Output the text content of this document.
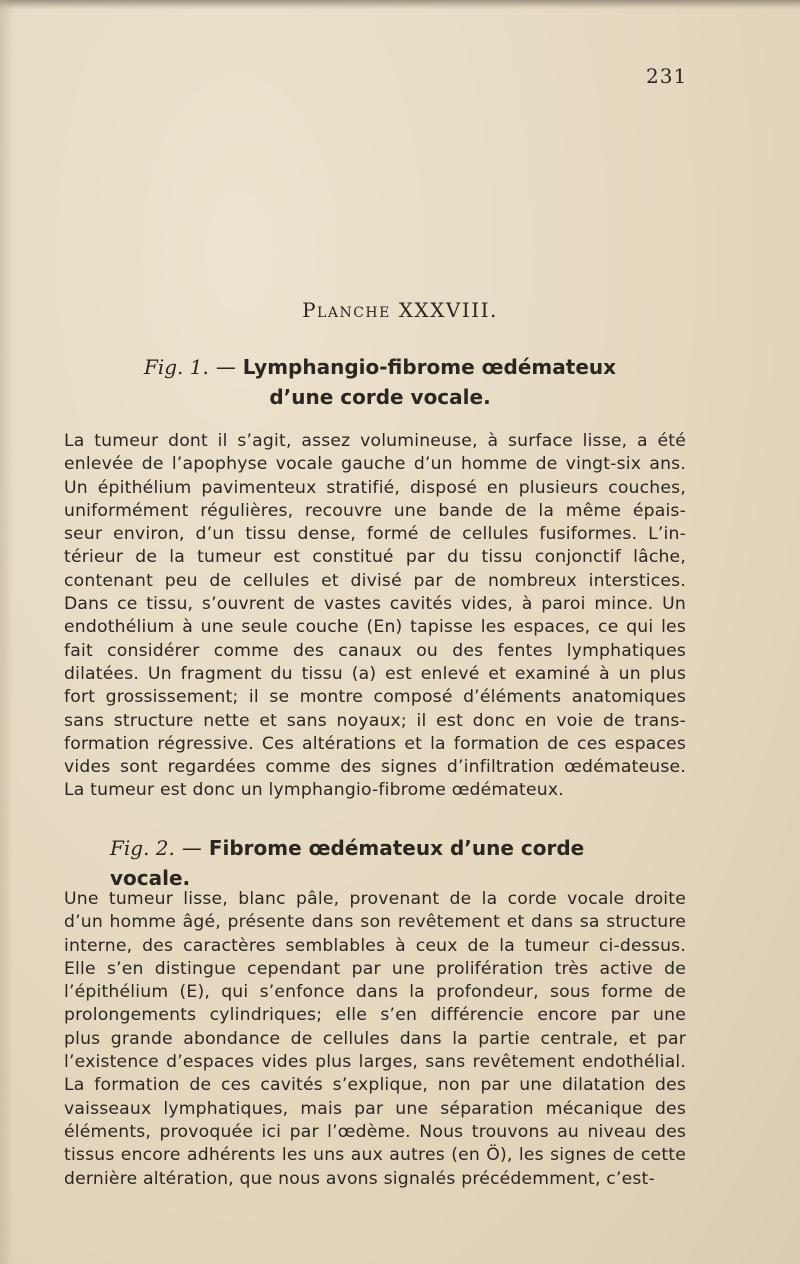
231
Planche XXXVIII.
Fig. 1. — Lymphangio-fibrome œdémateux
d’une corde vocale.
La tumeur dont il s’agit, assez volumineuse, à surface lisse, a été
enlevée de l’apophyse vocale gauche d’un homme de vingt-six ans.
Un épithélium pavimenteux stratifié, disposé en plusieurs couches,
uniformément régulières, recouvre une bande de la même épais-
seur environ, d’un tissu dense, formé de cellules fusiformes. L’in-
térieur de la tumeur est constitué par du tissu conjonctif lâche,
contenant peu de cellules et divisé par de nombreux interstices.
Dans ce tissu, s’ouvrent de vastes cavités vides, à paroi mince. Un
endothélium à une seule couche (En) tapisse les espaces, ce qui les
fait considérer comme des canaux ou des fentes lymphatiques
dilatées. Un fragment du tissu (a) est enlevé et examiné à un plus
fort grossissement; il se montre composé d’éléments anatomiques
sans structure nette et sans noyaux; il est donc en voie de trans-
formation régressive. Ces altérations et la formation de ces espaces
vides sont regardées comme des signes d’infiltration œdémateuse.
La tumeur est donc un lymphangio-fibrome œdémateux.
Fig. 2. — Fibrome œdémateux d’une corde vocale.
Une tumeur lisse, blanc pâle, provenant de la corde vocale droite
d’un homme âgé, présente dans son revêtement et dans sa structure
interne, des caractères semblables à ceux de la tumeur ci-dessus.
Elle s’en distingue cependant par une prolifération très active de
l’épithélium (E), qui s’enfonce dans la profondeur, sous forme de
prolongements cylindriques; elle s’en différencie encore par une
plus grande abondance de cellules dans la partie centrale, et par
l’existence d’espaces vides plus larges, sans revêtement endothélial.
La formation de ces cavités s’explique, non par une dilatation des
vaisseaux lymphatiques, mais par une séparation mécanique des
éléments, provoquée ici par l’œdème. Nous trouvons au niveau des
tissus encore adhérents les uns aux autres (en Ö), les signes de cette
dernière altération, que nous avons signalés précédemment, c’est-
